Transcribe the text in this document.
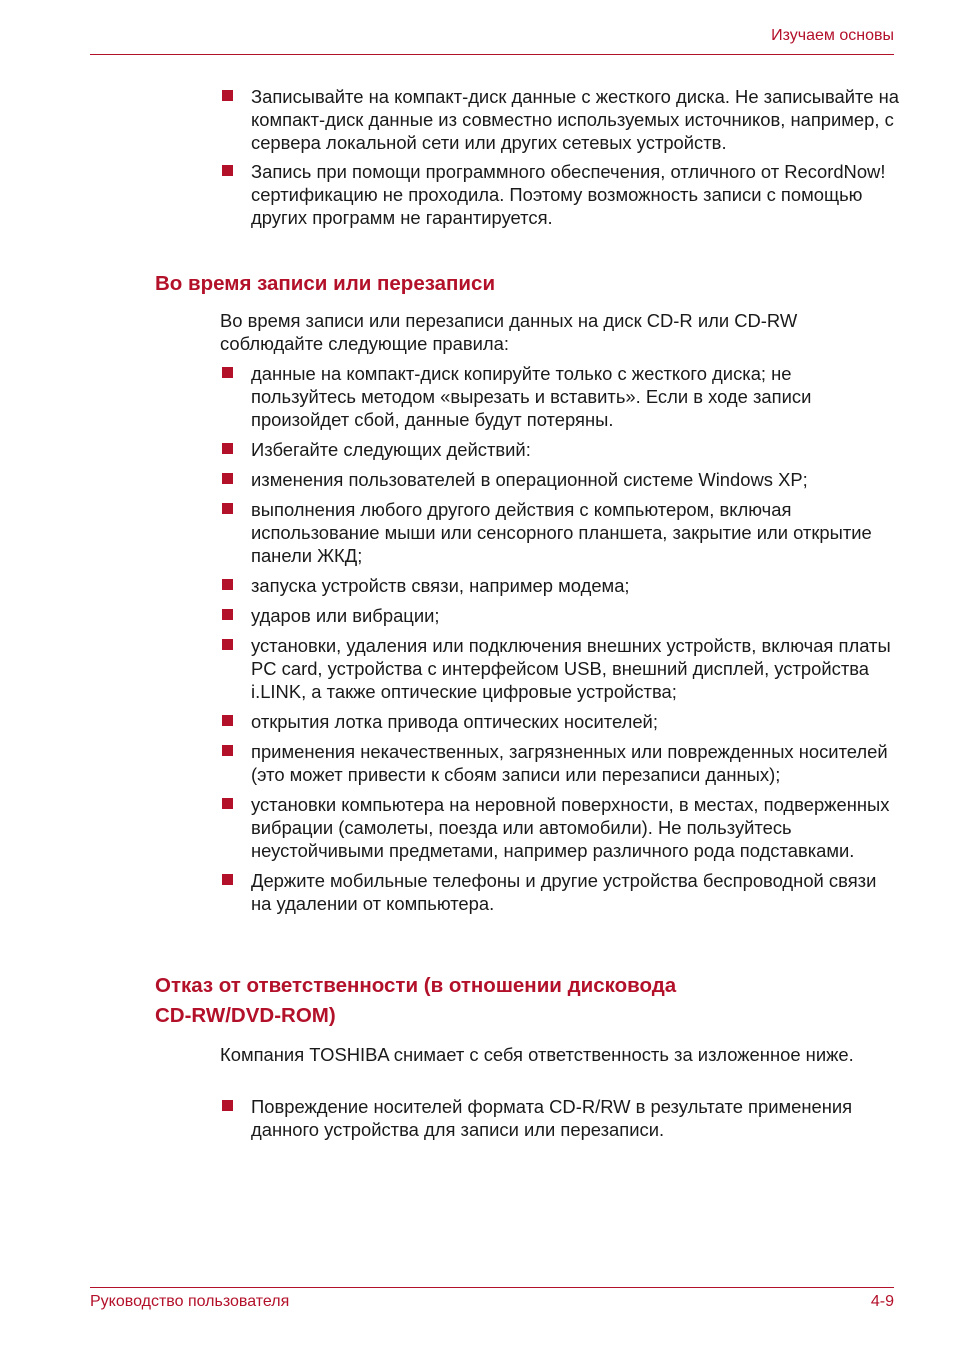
Изучаем основы
Записывайте на компакт-диск данные с жесткого диска. Не записывайте на компакт-диск данные из совместно используемых источников, например, с сервера локальной сети или других сетевых устройств.
Запись при помощи программного обеспечения, отличного от RecordNow! сертификацию не проходила. Поэтому возможность записи с помощью других программ не гарантируется.
Во время записи или перезаписи
Во время записи или перезаписи данных на диск CD-R или CD-RW соблюдайте следующие правила:
данные на компакт-диск копируйте только с жесткого диска; не пользуйтесь методом «вырезать и вставить». Если в ходе записи произойдет сбой, данные будут потеряны.
Избегайте следующих действий:
изменения пользователей в операционной системе Windows XP;
выполнения любого другого действия с компьютером, включая использование мыши или сенсорного планшета, закрытие или открытие панели ЖКД;
запуска устройств связи, например модема;
ударов или вибрации;
установки, удаления или подключения внешних устройств, включая платы PC card, устройства с интерфейсом USB, внешний дисплей, устройства i.LINK, а также оптические цифровые устройства;
открытия лотка привода оптических носителей;
применения некачественных, загрязненных или поврежденных носителей (это может привести к сбоям записи или перезаписи данных);
установки компьютера на неровной поверхности, в местах, подверженных вибрации (самолеты, поезда или автомобили). Не пользуйтесь неустойчивыми предметами, например различного рода подставками.
Держите мобильные телефоны и другие устройства беспроводной связи на удалении от компьютера.
Отказ от ответственности (в отношении дисковода
CD-RW/DVD-ROM)
Компания TOSHIBA снимает с себя ответственность за изложенное ниже.
Повреждение носителей формата CD-R/RW в результате применения данного устройства для записи или перезаписи.
Руководство пользователя	4-9
